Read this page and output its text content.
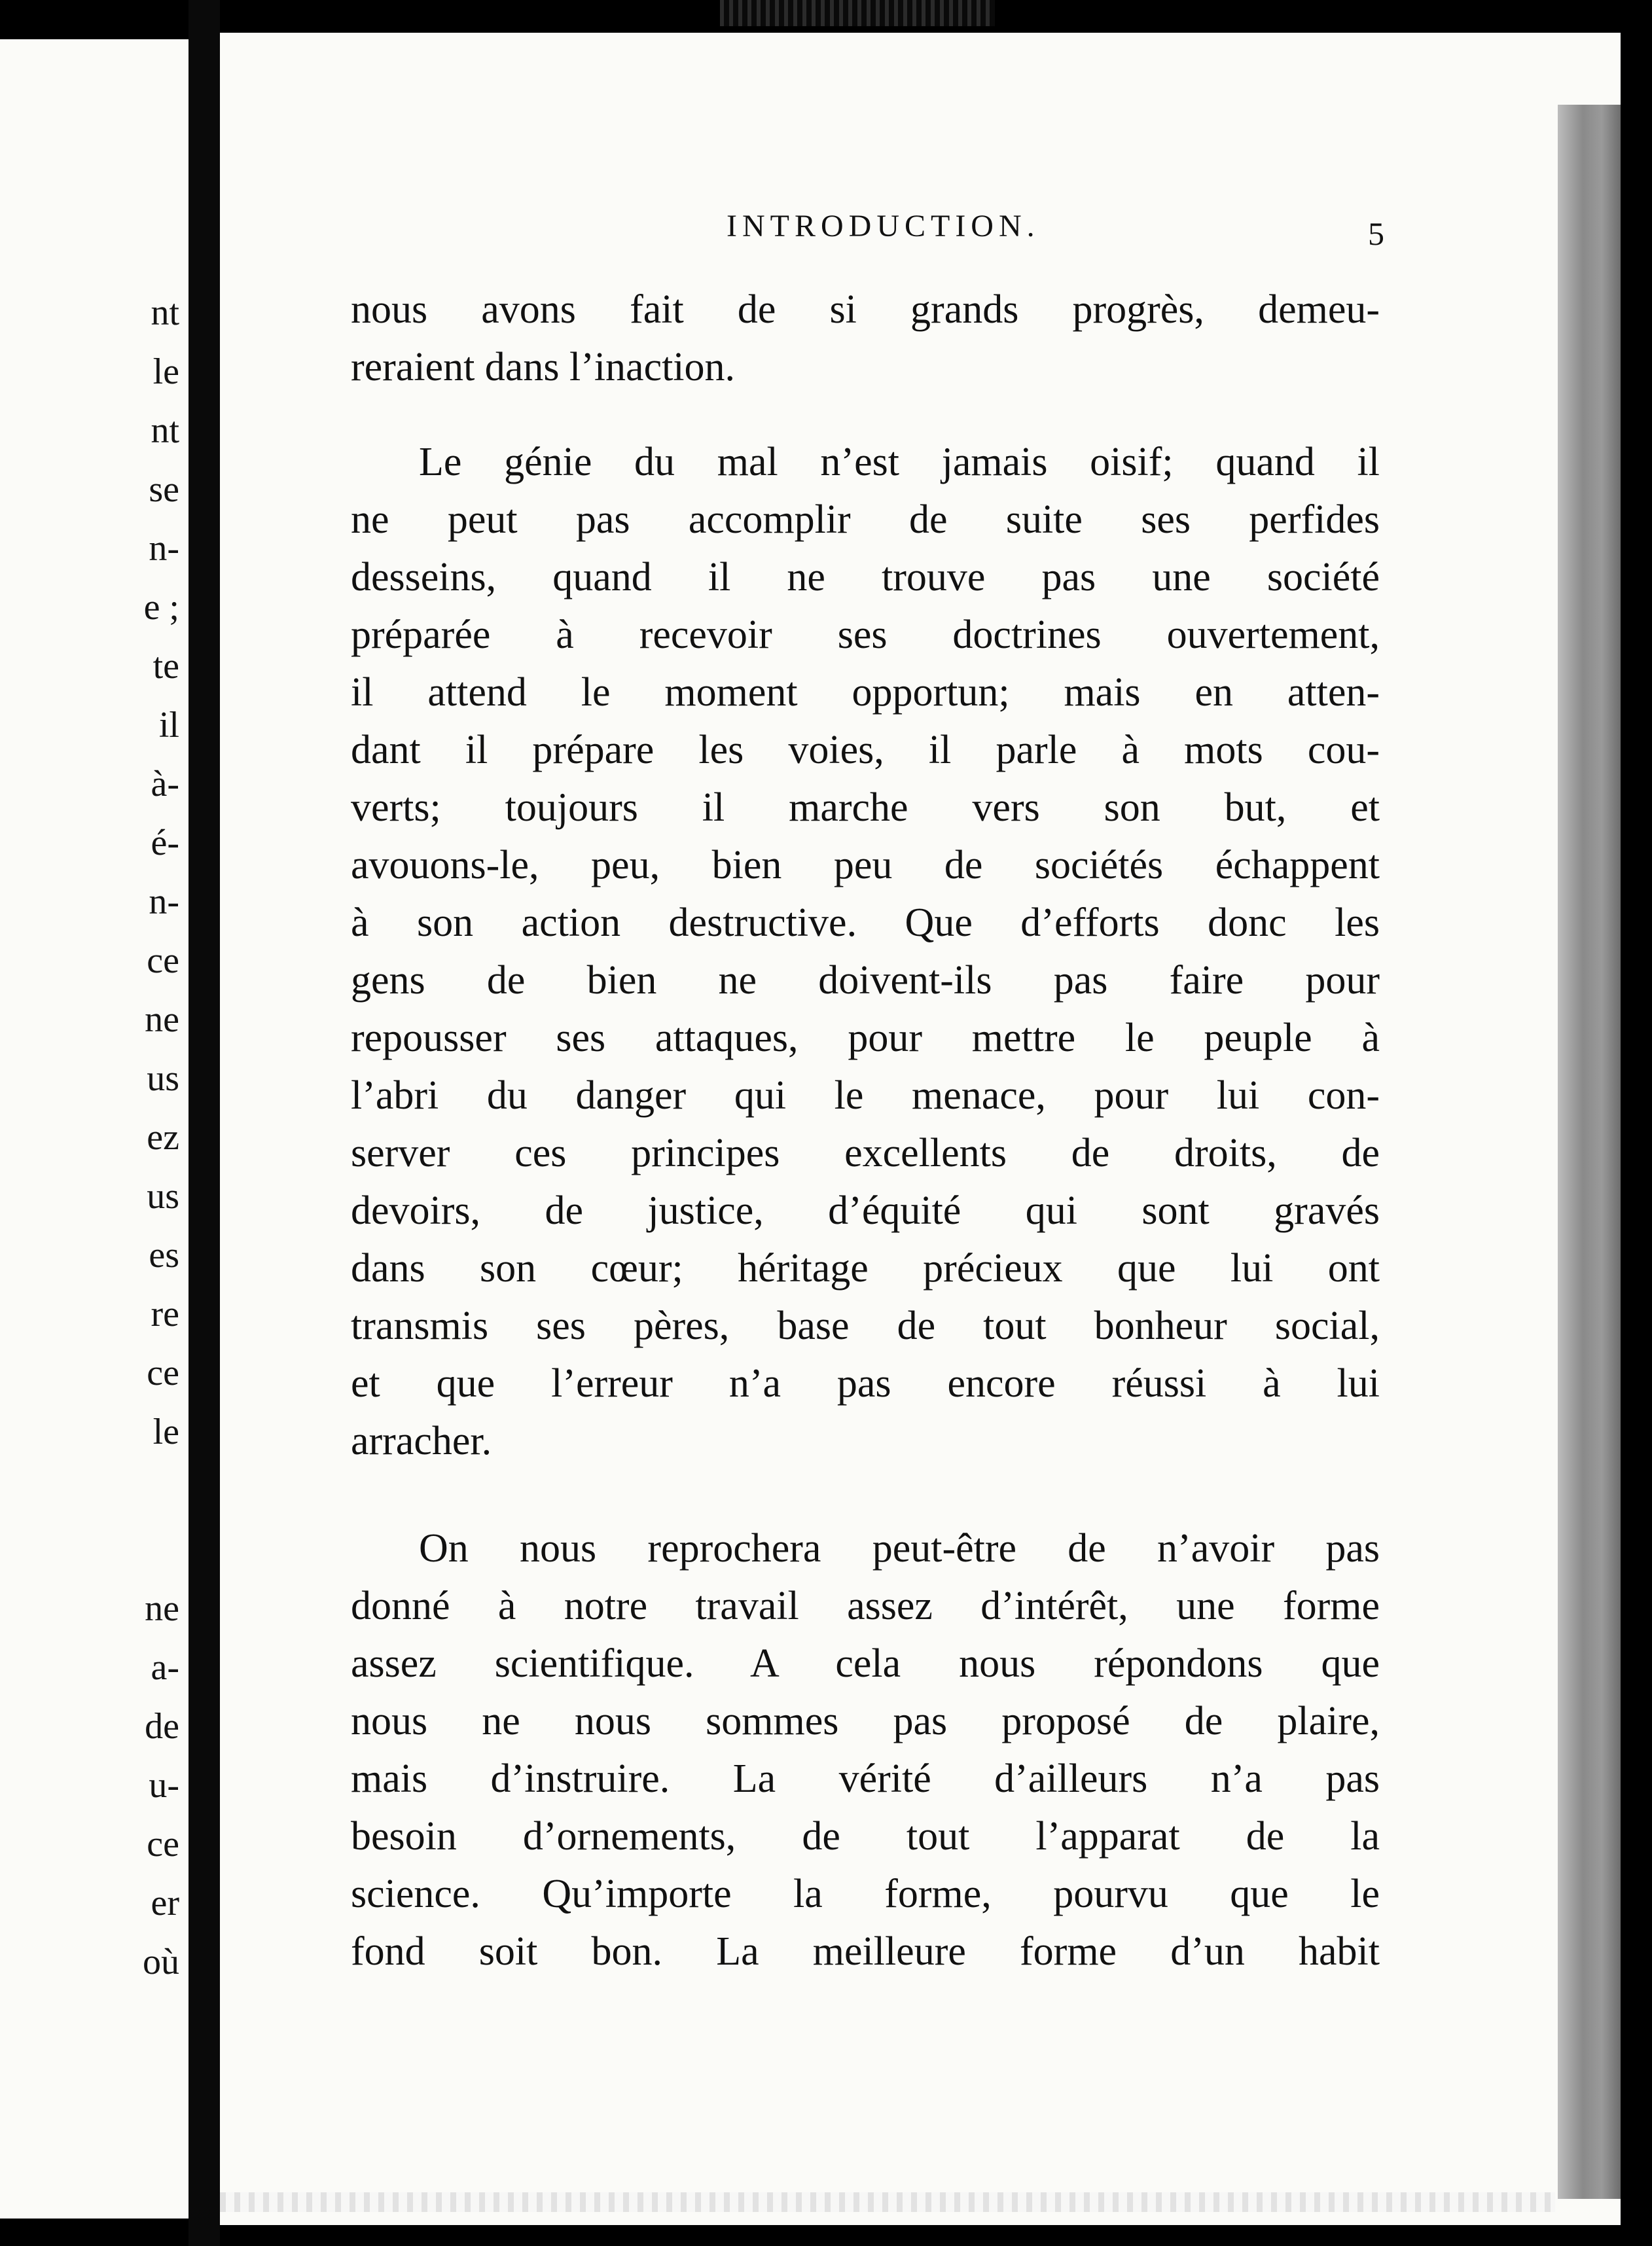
nt
le
nt
se
n-
e ;
te
il
à-
é-
n-
ce
ne
us
ez
us
es
re
ce
le
ne
a-
de
u-
ce
er
où
INTRODUCTION.	5
nous avons fait de si grands progrès, demeu-
reraient dans l’inaction.
Le génie du mal n’est jamais oisif; quand il
ne peut pas accomplir de suite ses perfides
desseins, quand il ne trouve pas une société
préparée à recevoir ses doctrines ouvertement,
il attend le moment opportun; mais en atten-
dant il prépare les voies, il parle à mots cou-
verts; toujours il marche vers son but, et
avouons-le, peu, bien peu de sociétés échappent
à son action destructive. Que d’efforts donc les
gens de bien ne doivent-ils pas faire pour
repousser ses attaques, pour mettre le peuple à
l’abri du danger qui le menace, pour lui con-
server ces principes excellents de droits, de
devoirs, de justice, d’équité qui sont gravés
dans son cœur; héritage précieux que lui ont
transmis ses pères, base de tout bonheur social,
et que l’erreur n’a pas encore réussi à lui
arracher.
On nous reprochera peut-être de n’avoir pas
donné à notre travail assez d’intérêt, une forme
assez scientifique. A cela nous répondons que
nous ne nous sommes pas proposé de plaire,
mais d’instruire. La vérité d’ailleurs n’a pas
besoin d’ornements, de tout l’apparat de la
science. Qu’importe la forme, pourvu que le
fond soit bon. La meilleure forme d’un habit
